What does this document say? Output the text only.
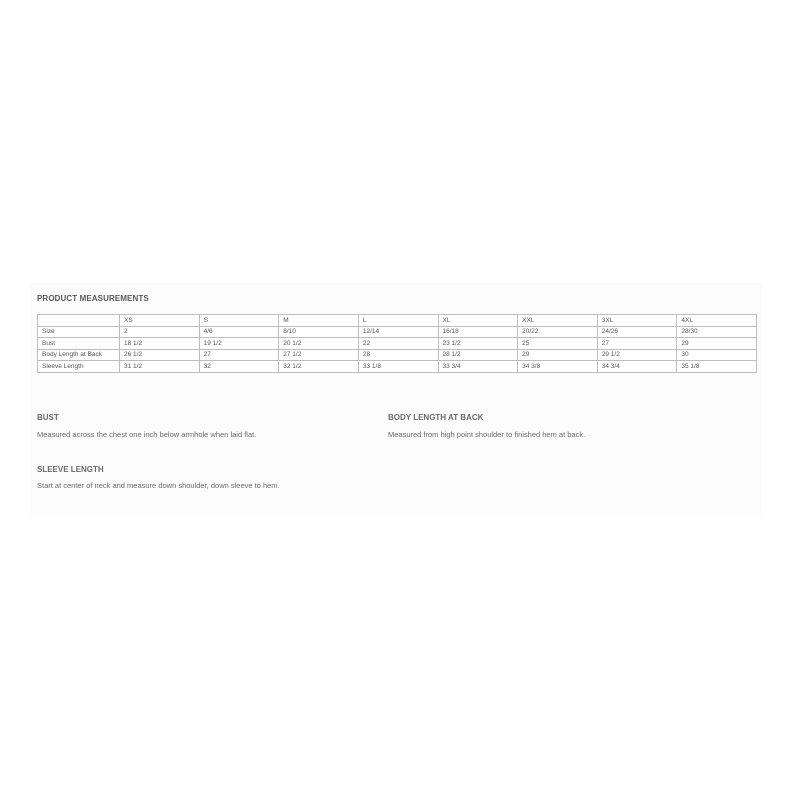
PRODUCT MEASUREMENTS
	XS	S	M	L	XL	XXL	3XL	4XL
Size	2	4/6	8/10	12/14	16/18	20/22	24/26	28/30
Bust	18 1/2	19 1/2	20 1/2	22	23 1/2	25	27	29
Body Length at Back	26 1/2	27	27 1/2	28	28 1/2	29	29 1/2	30
Sleeve Length	31 1/2	32	32 1/2	33 1/8	33 3/4	34 3/8	34 3/4	35 1/8
BUST

Measured across the chest one inch below armhole when laid flat.

BODY LENGTH AT BACK

Measured from high point shoulder to finished hem at back.

SLEEVE LENGTH

Start at center of neck and measure down shoulder, down sleeve to hem.
